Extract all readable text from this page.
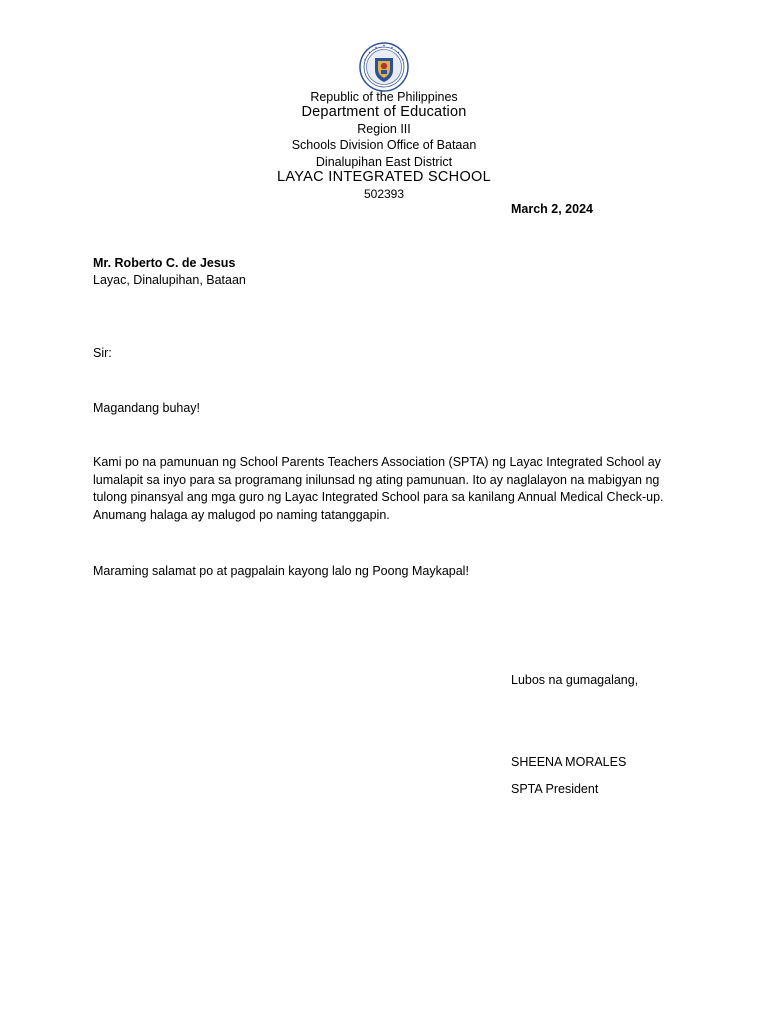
Republic of the Philippines
Department of Education
Region III
Schools Division Office of Bataan
Dinalupihan East District
LAYAC INTEGRATED SCHOOL
502393
March 2, 2024
Mr. Roberto C. de Jesus
Layac, Dinalupihan, Bataan
Sir:
Magandang buhay!
Kami po na pamunuan ng School Parents Teachers Association (SPTA) ng Layac Integrated School ay lumalapit sa inyo para sa programang inilunsad ng ating pamunuan. Ito ay naglalayon na mabigyan ng tulong pinansyal ang mga guro ng Layac Integrated School para sa kanilang Annual Medical Check-up. Anumang halaga ay malugod po naming tatanggapin.
Maraming salamat po at pagpalain kayong lalo ng Poong Maykapal!
Lubos na gumagalang,
SHEENA MORALES
SPTA President
